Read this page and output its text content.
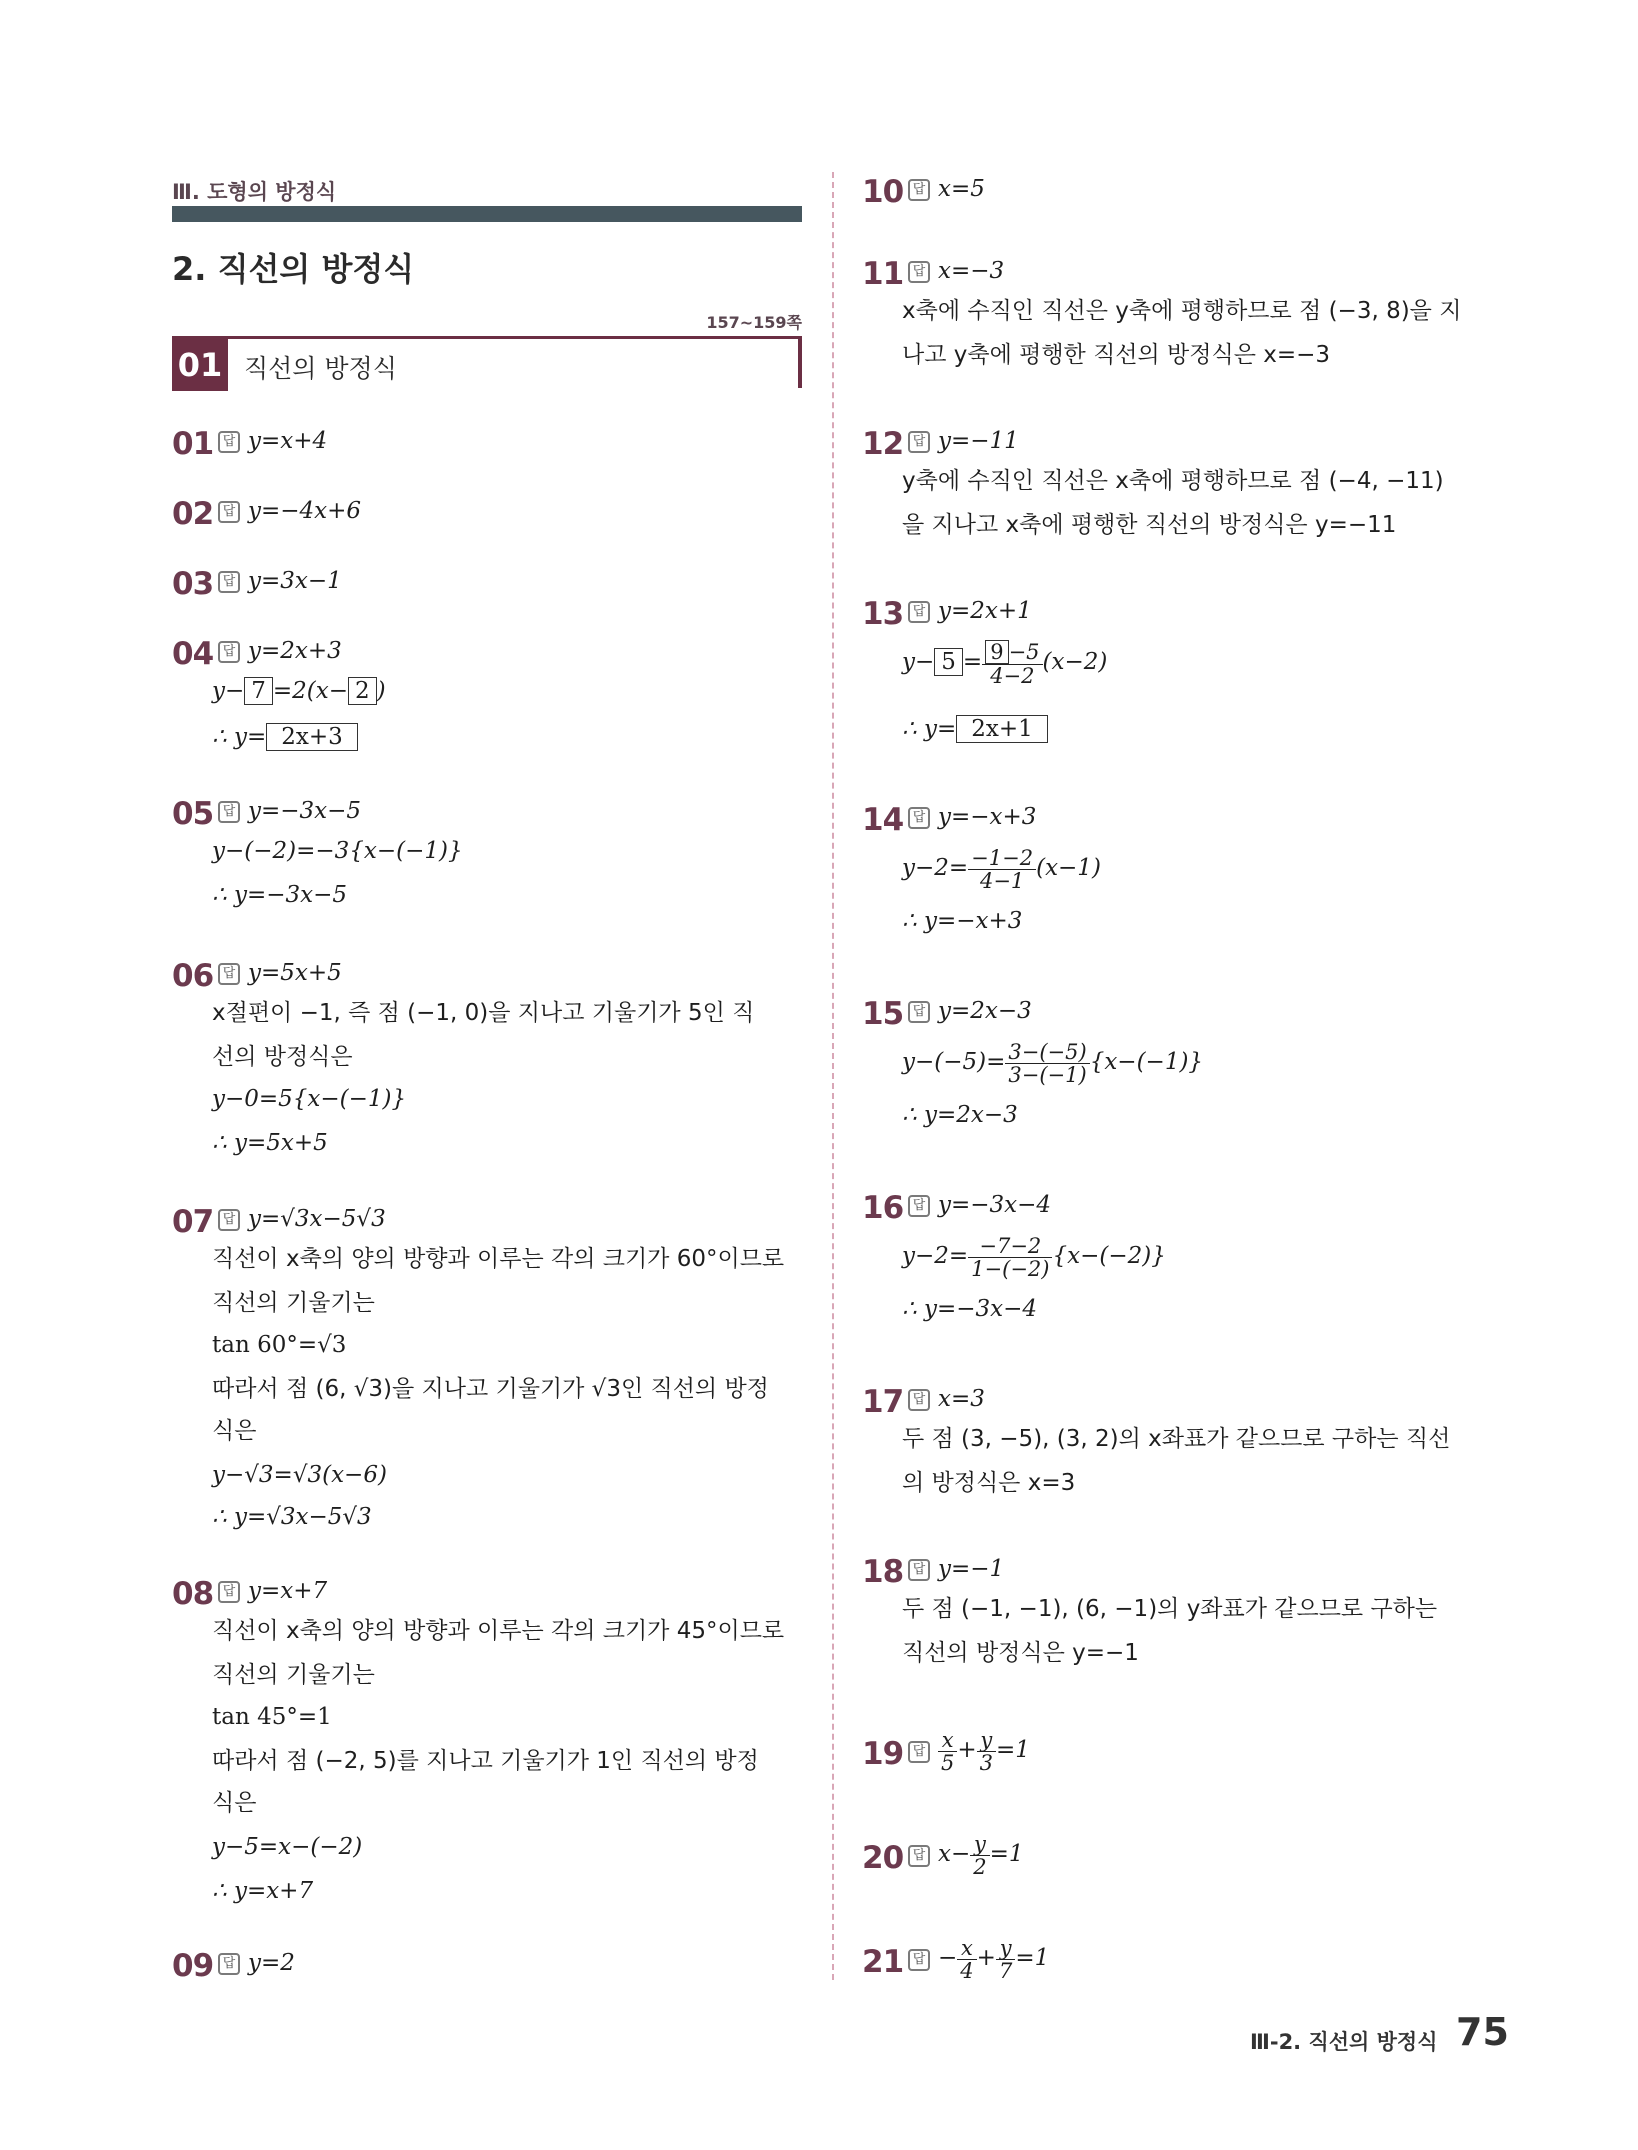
Ⅲ. 도형의 방정식
2. 직선의 방정식
157~159쪽
01 직선의 방정식
01 답 y=x+4
02 답 y=−4x+6
03 답 y=3x−1
04 답 y=2x+3
y− 7 =2(x− 2 )
∴ y= 2x+3
05 답 y=−3x−5
y−(−2)=−3{x−(−1)}
∴ y=−3x−5
06 답 y=5x+5
x절편이 −1, 즉 점 (−1, 0)을 지나고 기울기가 5인 직
선의 방정식은
y−0=5{x−(−1)}
∴ y=5x+5
07 답 y=√3x−5√3
직선이 x축의 양의 방향과 이루는 각의 크기가 60°이므로
직선의 기울기는
tan 60°=√3
따라서 점 (6, √3)을 지나고 기울기가 √3인 직선의 방정
식은
y−√3=√3(x−6)
∴ y=√3x−5√3
08 답 y=x+7
직선이 x축의 양의 방향과 이루는 각의 크기가 45°이므로
직선의 기울기는
tan 45°=1
따라서 점 (−2, 5)를 지나고 기울기가 1인 직선의 방정
식은
y−5=x−(−2)
∴ y=x+7
09 답 y=2
10 답 x=5
11 답 x=−3
x축에 수직인 직선은 y축에 평행하므로 점 (−3, 8)을 지
나고 y축에 평행한 직선의 방정식은 x=−3
12 답 y=−11
y축에 수직인 직선은 x축에 평행하므로 점 (−4, −11)
을 지나고 x축에 평행한 직선의 방정식은 y=−11
13 답 y=2x+1
$y- 5 = \frac{9 -5}{4-2} (x-2)$
∴ y= 2x+1
14 답 y=−x+3
$y-2= \frac{-1-2}{4-1} (x-1)$
∴ y=−x+3
15 답 y=2x−3
$y-(-5)= \frac{3-(-5)}{3-(-1)} \{x-(-1)\}$
∴ y=2x−3
16 답 y=−3x−4
$y-2= \frac{-7-2}{1-(-2)} \{x-(-2)\}$
∴ y=−3x−4
17 답 x=3
두 점 (3, −5), (3, 2)의 x좌표가 같으므로 구하는 직선
의 방정식은 x=3
18 답 y=−1
두 점 (−1, −1), (6, −1)의 y좌표가 같으므로 구하는
직선의 방정식은 y=−1
19 답 $\frac{x}{5} + \frac{y}{3} =1$
20 답 $x- \frac{y}{2} =1$
21 답 − $\frac{x}{4} + \frac{y}{7} =1$
Ⅲ-2. 직선의 방정식 75
